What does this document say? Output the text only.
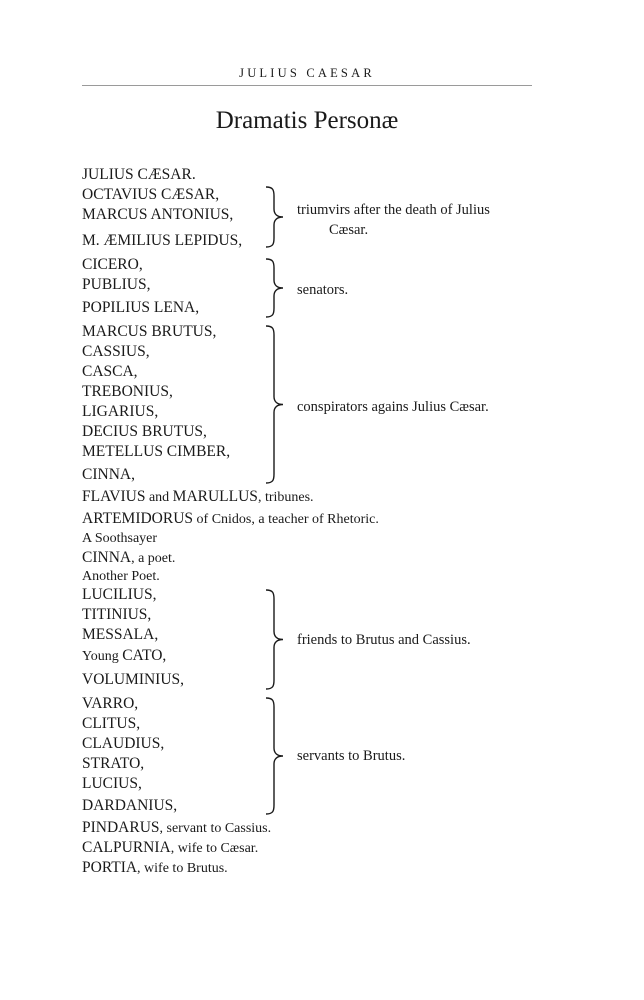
JULIUS CAESAR
Dramatis Personæ
JULIUS CÆSAR.
OCTAVIUS CÆSAR,
MARCUS ANTONIUS,
M. ÆMILIUS LEPIDUS,
CICERO,
PUBLIUS,
POPILIUS LENA,
MARCUS BRUTUS,
CASSIUS,
CASCA,
TREBONIUS,
LIGARIUS,
DECIUS BRUTUS,
METELLUS CIMBER,
CINNA,
FLAVIUS and MARULLUS, tribunes.
ARTEMIDORUS of Cnidos, a teacher of Rhetoric.
A Soothsayer
CINNA, a poet.
Another Poet.
LUCILIUS,
TITINIUS,
MESSALA,
Young CATO,
VOLUMINIUS,
VARRO,
CLITUS,
CLAUDIUS,
STRATO,
LUCIUS,
DARDANIUS,
PINDARUS, servant to Cassius.
CALPURNIA, wife to Cæsar.
PORTIA, wife to Brutus.
triumvirs after the death of Julius
Cæsar.
senators.
conspirators agains Julius Cæsar.
friends to Brutus and Cassius.
servants to Brutus.
